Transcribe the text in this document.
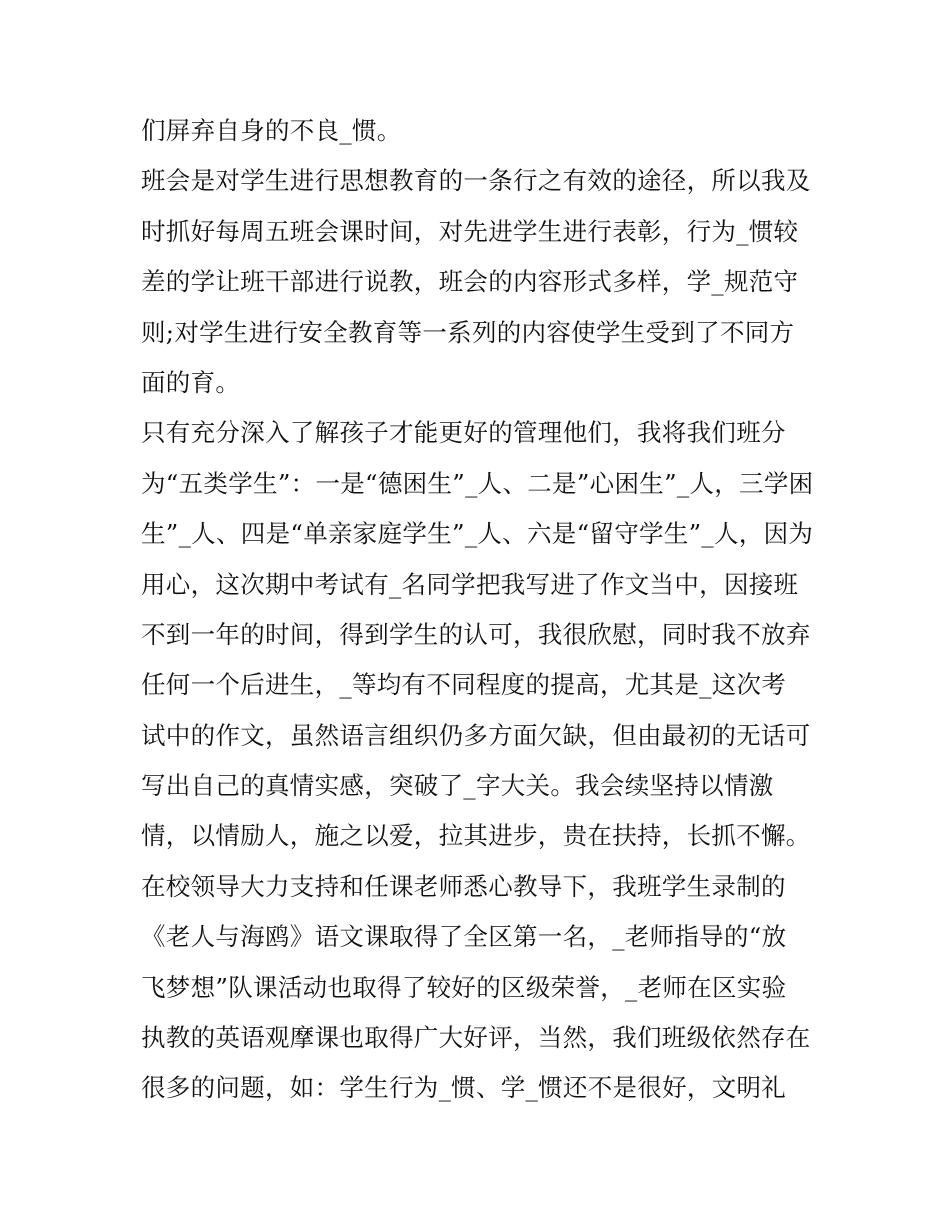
们屏弃自身的不良_惯。
班会是对学生进行思想教育的一条行之有效的途径，所以我及
时抓好每周五班会课时间，对先进学生进行表彰，行为_惯较
差的学让班干部进行说教，班会的内容形式多样，学_规范守
则;对学生进行安全教育等一系列的内容使学生受到了不同方
面的育。
只有充分深入了解孩子才能更好的管理他们，我将我们班分
为“五类学生”：一是“德困生”_人、二是”心困生”_人，三学困
生”_人、四是“单亲家庭学生”_人、六是“留守学生”_人，因为
用心，这次期中考试有_名同学把我写进了作文当中，因接班
不到一年的时间，得到学生的认可，我很欣慰，同时我不放弃
任何一个后进生，_等均有不同程度的提高，尤其是_这次考
试中的作文，虽然语言组织仍多方面欠缺，但由最初的无话可
写出自己的真情实感，突破了_字大关。我会续坚持以情激
情，以情励人，施之以爱，拉其进步，贵在扶持，长抓不懈。
在校领导大力支持和任课老师悉心教导下，我班学生录制的
《老人与海鸥》语文课取得了全区第一名，_老师指导的“放
飞梦想”队课活动也取得了较好的区级荣誉，_老师在区实验
执教的英语观摩课也取得广大好评，当然，我们班级依然存在
很多的问题，如：学生行为_惯、学_惯还不是很好，文明礼
